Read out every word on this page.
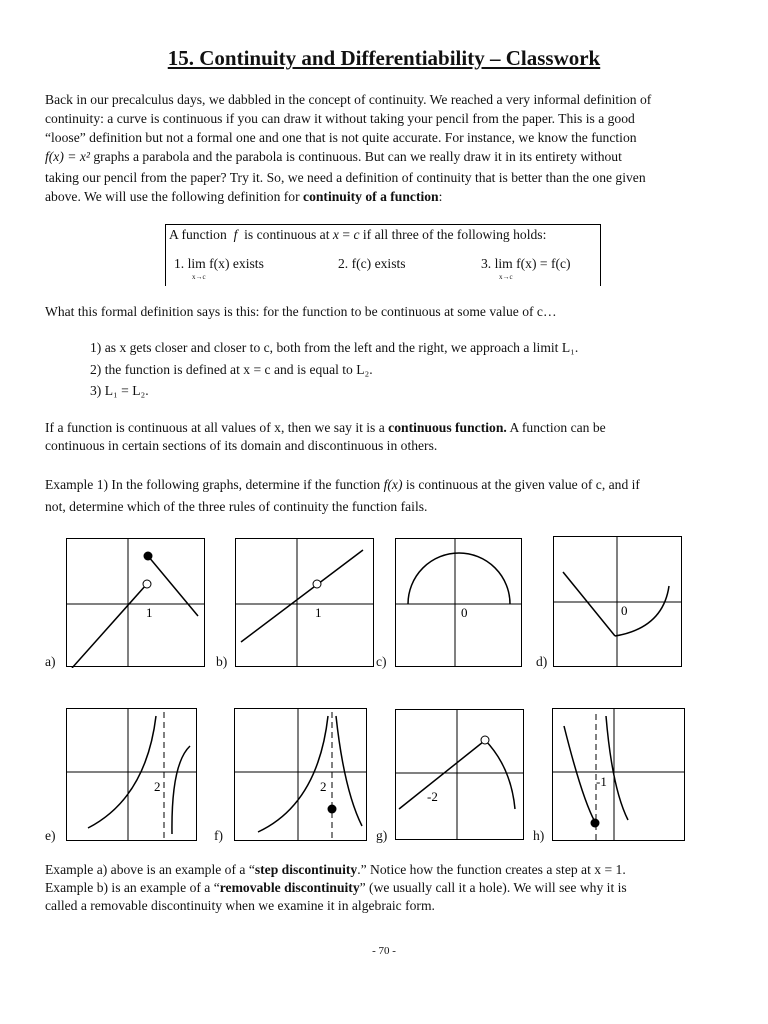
15. Continuity and Differentiability – Classwork
Back in our precalculus days, we dabbled in the concept of continuity. We reached a very informal definition of
continuity: a curve is continuous if you can draw it without taking your pencil from the paper. This is a good
“loose” definition but not a formal one and one that is not quite accurate. For instance, we know the function
f(x) = x² graphs a parabola and the parabola is continuous. But can we really draw it in its entirety without
taking our pencil from the paper? Try it. So, we need a definition of continuity that is better than the one given
above. We will use the following definition for continuity of a function:
A function f is continuous at x = c if all three of the following holds:
1. lim f(x) exists
x→c
2. f(c) exists	3. lim f(x) = f(c)
x→c
What this formal definition says is this: for the function to be continuous at some value of c…
1) as x gets closer and closer to c, both from the left and the right, we approach a limit L₁.
2) the function is defined at x = c and is equal to L₂.
3) L₁ = L₂.
If a function is continuous at all values of x, then we say it is a continuous function. A function can be
continuous in certain sections of its domain and discontinuous in others.
Example 1) In the following graphs, determine if the function f(x) is continuous at the given value of c, and if
not, determine which of the three rules of continuity the function fails.
a)
1
b)
1
c)
0
d)
0
e)
2
f)
2
g)
-2
h)
-1
Example a) above is an example of a “step discontinuity.” Notice how the function creates a step at x = 1.
Example b) is an example of a “removable discontinuity” (we usually call it a hole). We will see why it is
called a removable discontinuity when we examine it in algebraic form.
- 70 -
